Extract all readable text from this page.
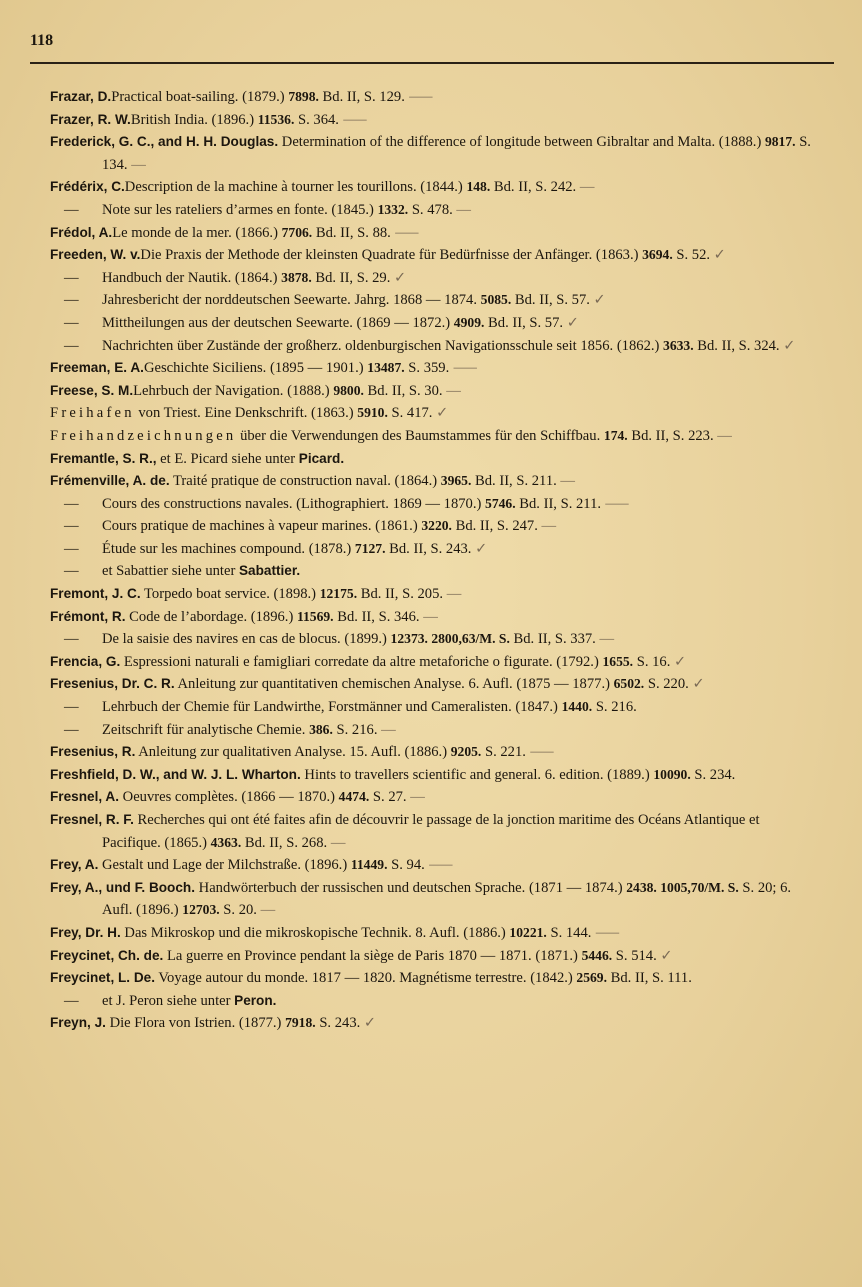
118

Frazar, D.Practical boat-sailing. (1879.) 7898. Bd. II, S. 129. ⸺

Frazer, R. W.British India. (1896.) 11536. S. 364. ⸺

Frederick, G. C., and H. H. Douglas. Determination of the difference of longitude between Gibraltar and Malta. (1888.) 9817. S. 134. —

Frédérix, C.Description de la machine à tourner les tourillons. (1844.) 148. Bd. II, S. 242. —

— Note sur les rateliers d’armes en fonte. (1845.) 1332. S. 478. —

Frédol, A.Le monde de la mer. (1866.) 7706. Bd. II, S. 88. ⸺

Freeden, W. v.Die Praxis der Methode der kleinsten Quadrate für Bedürfnisse der Anfänger. (1863.) 3694. S. 52. ✓

— Handbuch der Nautik. (1864.) 3878. Bd. II, S. 29. ✓

— Jahresbericht der norddeutschen Seewarte. Jahrg. 1868 — 1874. 5085. Bd. II, S. 57. ✓

— Mittheilungen aus der deutschen Seewarte. (1869 — 1872.) 4909. Bd. II, S. 57. ✓

— Nachrichten über Zustände der großherz. oldenburgischen Navigationsschule seit 1856. (1862.) 3633. Bd. II, S. 324. ✓

Freeman, E. A.Geschichte Siciliens. (1895 — 1901.) 13487. S. 359. ⸺

Freese, S. M.Lehrbuch der Navigation. (1888.) 9800. Bd. II, S. 30. —

Freihafen von Triest. Eine Denkschrift. (1863.) 5910. S. 417. ✓

Freihandzeichnungen über die Verwendungen des Baumstammes für den Schiffbau. 174. Bd. II, S. 223. —

Fremantle, S. R., et E. Picard siehe unter Picard.

Frémenville, A. de. Traité pratique de construction naval. (1864.) 3965. Bd. II, S. 211. —

— Cours des constructions navales. (Lithographiert. 1869 — 1870.) 5746. Bd. II, S. 211. ⸺

— Cours pratique de machines à vapeur marines. (1861.) 3220. Bd. II, S. 247. —

— Étude sur les machines compound. (1878.) 7127. Bd. II, S. 243. ✓

— et Sabattier siehe unter Sabattier.

Fremont, J. C. Torpedo boat service. (1898.) 12175. Bd. II, S. 205. —

Frémont, R. Code de l’abordage. (1896.) 11569. Bd. II, S. 346. —

— De la saisie des navires en cas de blocus. (1899.) 12373. 2800,63/M. S. Bd. II, S. 337. —

Frencia, G. Espressioni naturali e famigliari corredate da altre metaforiche o figurate. (1792.) 1655. S. 16. ✓

Fresenius, Dr. C. R. Anleitung zur quantitativen chemischen Analyse. 6. Aufl. (1875 — 1877.) 6502. S. 220. ✓

— Lehrbuch der Chemie für Landwirthe, Forstmänner und Cameralisten. (1847.) 1440. S. 216.

— Zeitschrift für analytische Chemie. 386. S. 216. —

Fresenius, R. Anleitung zur qualitativen Analyse. 15. Aufl. (1886.) 9205. S. 221. ⸺

Freshfield, D. W., and W. J. L. Wharton. Hints to travellers scientific and general. 6. edition. (1889.) 10090. S. 234.

Fresnel, A. Oeuvres complètes. (1866 — 1870.) 4474. S. 27. —

Fresnel, R. F. Recherches qui ont été faites afin de découvrir le passage de la jonction maritime des Océans Atlantique et Pacifique. (1865.) 4363. Bd. II, S. 268. —

Frey, A. Gestalt und Lage der Milchstraße. (1896.) 11449. S. 94. ⸺

Frey, A., und F. Booch. Handwörterbuch der russischen und deutschen Sprache. (1871 — 1874.) 2438. 1005,70/M. S. S. 20; 6. Aufl. (1896.) 12703. S. 20. —

Frey, Dr. H. Das Mikroskop und die mikroskopische Technik. 8. Aufl. (1886.) 10221. S. 144. ⸺

Freycinet, Ch. de. La guerre en Province pendant la siège de Paris 1870 — 1871. (1871.) 5446. S. 514. ✓

Freycinet, L. De. Voyage autour du monde. 1817 — 1820. Magnétisme terrestre. (1842.) 2569. Bd. II, S. 111.

— et J. Peron siehe unter Peron.

Freyn, J. Die Flora von Istrien. (1877.) 7918. S. 243. ✓
